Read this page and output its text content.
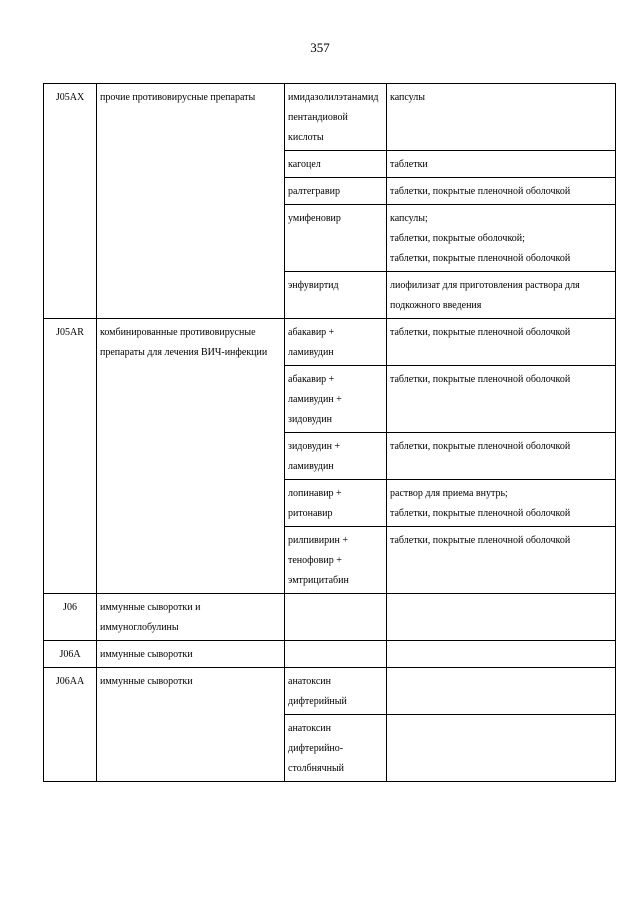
357
J05AX	прочие противовирусные препараты	имидазолилэтанамид
пентандиовой
кислоты	капсулы

		кагоцел	таблетки

		ралтегравир	таблетки, покрытые пленочной оболочкой

		умифеновир	капсулы;
таблетки, покрытые оболочкой;
таблетки, покрытые пленочной оболочкой

		энфувиртид	лиофилизат для приготовления раствора для
подкожного введения

J05AR	комбинированные противовирусные
препараты для лечения ВИЧ-инфекции	абакавир +
ламивудин	таблетки, покрытые пленочной оболочкой

		абакавир +
ламивудин +
зидовудин	таблетки, покрытые пленочной оболочкой

		зидовудин +
ламивудин	таблетки, покрытые пленочной оболочкой

		лопинавир +
ритонавир	раствор для приема внутрь;
таблетки, покрытые пленочной оболочкой

		рилпивирин +
тенофовир +
эмтрицитабин	таблетки, покрытые пленочной оболочкой

J06	иммунные сыворотки и
иммуноглобулины		

J06A	иммунные сыворотки		

J06AA	иммунные сыворотки	анатоксин
дифтерийный	

		анатоксин
дифтерийно-
столбнячный	
